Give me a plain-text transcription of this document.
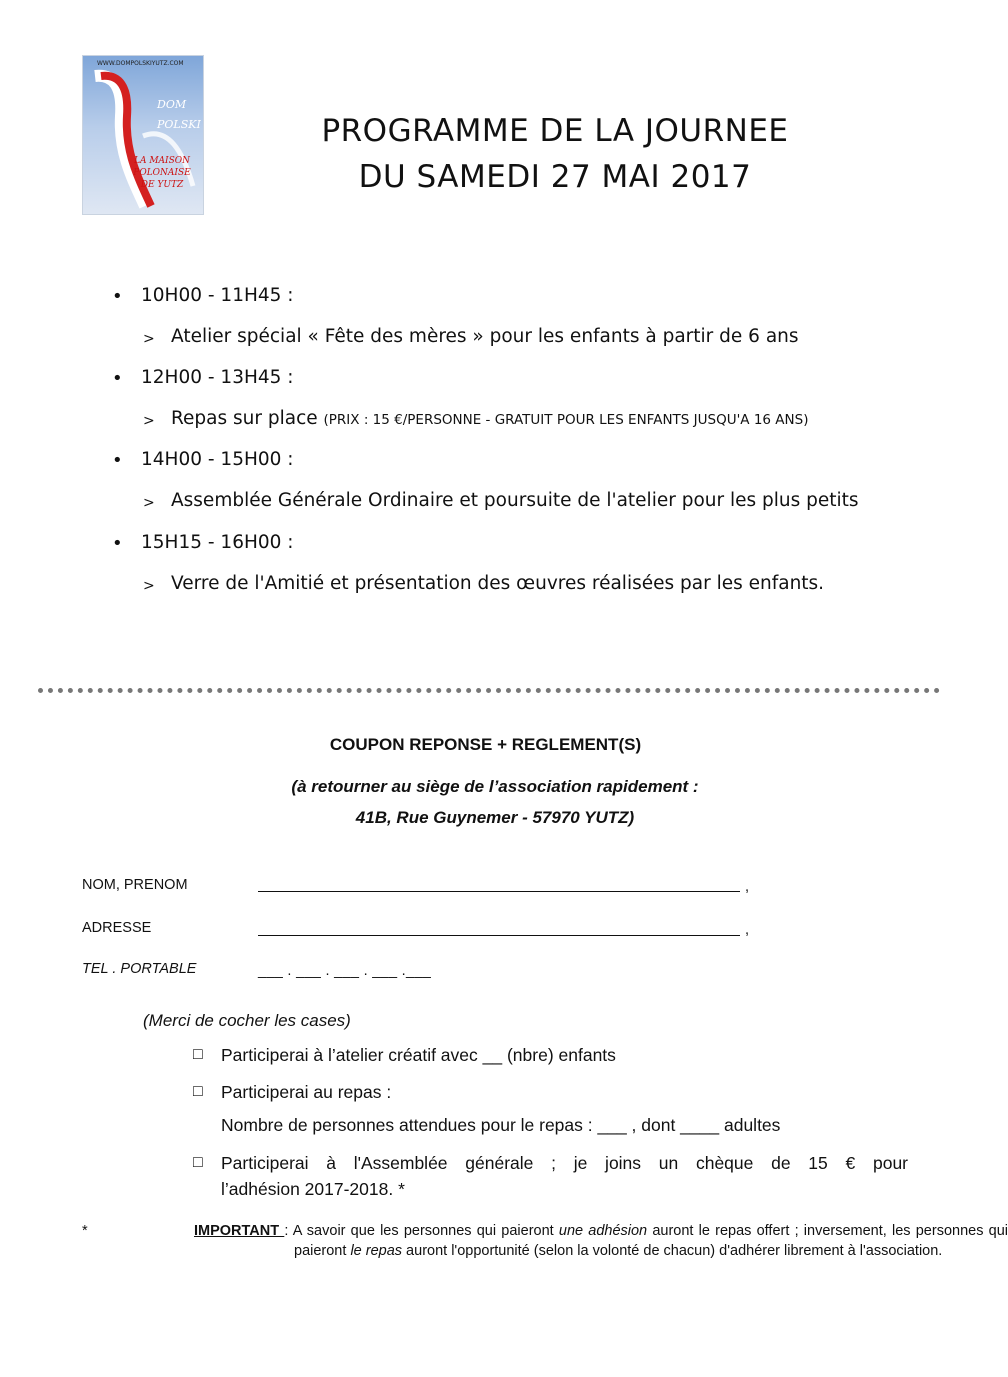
WWW.DOMPOLSKIYUTZ.COM
DOM
POLSKI
LA MAISON POLONAISE DE YUTZ
PROGRAMME DE LA JOURNEE
DU SAMEDI 27 MAI 2017
• 10H00 - 11H45 :
> Atelier spécial « Fête des mères » pour les enfants à partir de 6 ans
• 12H00 - 13H45 :
> Repas sur place (PRIX : 15 €/PERSONNE - GRATUIT POUR LES ENFANTS JUSQU'A 16 ANS)
• 14H00 - 15H00 :
> Assemblée Générale Ordinaire et poursuite de l'atelier pour les plus petits
• 15H15 - 16H00 :
> Verre de l'Amitié et présentation des œuvres réalisées par les enfants.
COUPON REPONSE + REGLEMENT(S)
(à retourner au siège de l’association rapidement :
41B, Rue Guynemer - 57970 YUTZ)
NOM, PRENOM	,
ADRESSE	,
TEL . PORTABLE	___ . ___ . ___ . ___ .___
(Merci de cocher les cases)
□ Participerai à l’atelier créatif avec __ (nbre) enfants
□ Participerai au repas :
Nombre de personnes attendues pour le repas : ___ , dont ____ adultes
□ Participerai à l'Assemblée générale ; je joins un chèque de 15 € pour
l’adhésion 2017-2018. *
*	IMPORTANT : A savoir que les personnes qui paieront une adhésion auront le repas offert ; inversement, les personnes qui paieront le repas auront l'opportunité (selon la volonté de chacun) d'adhérer librement à l'association.
